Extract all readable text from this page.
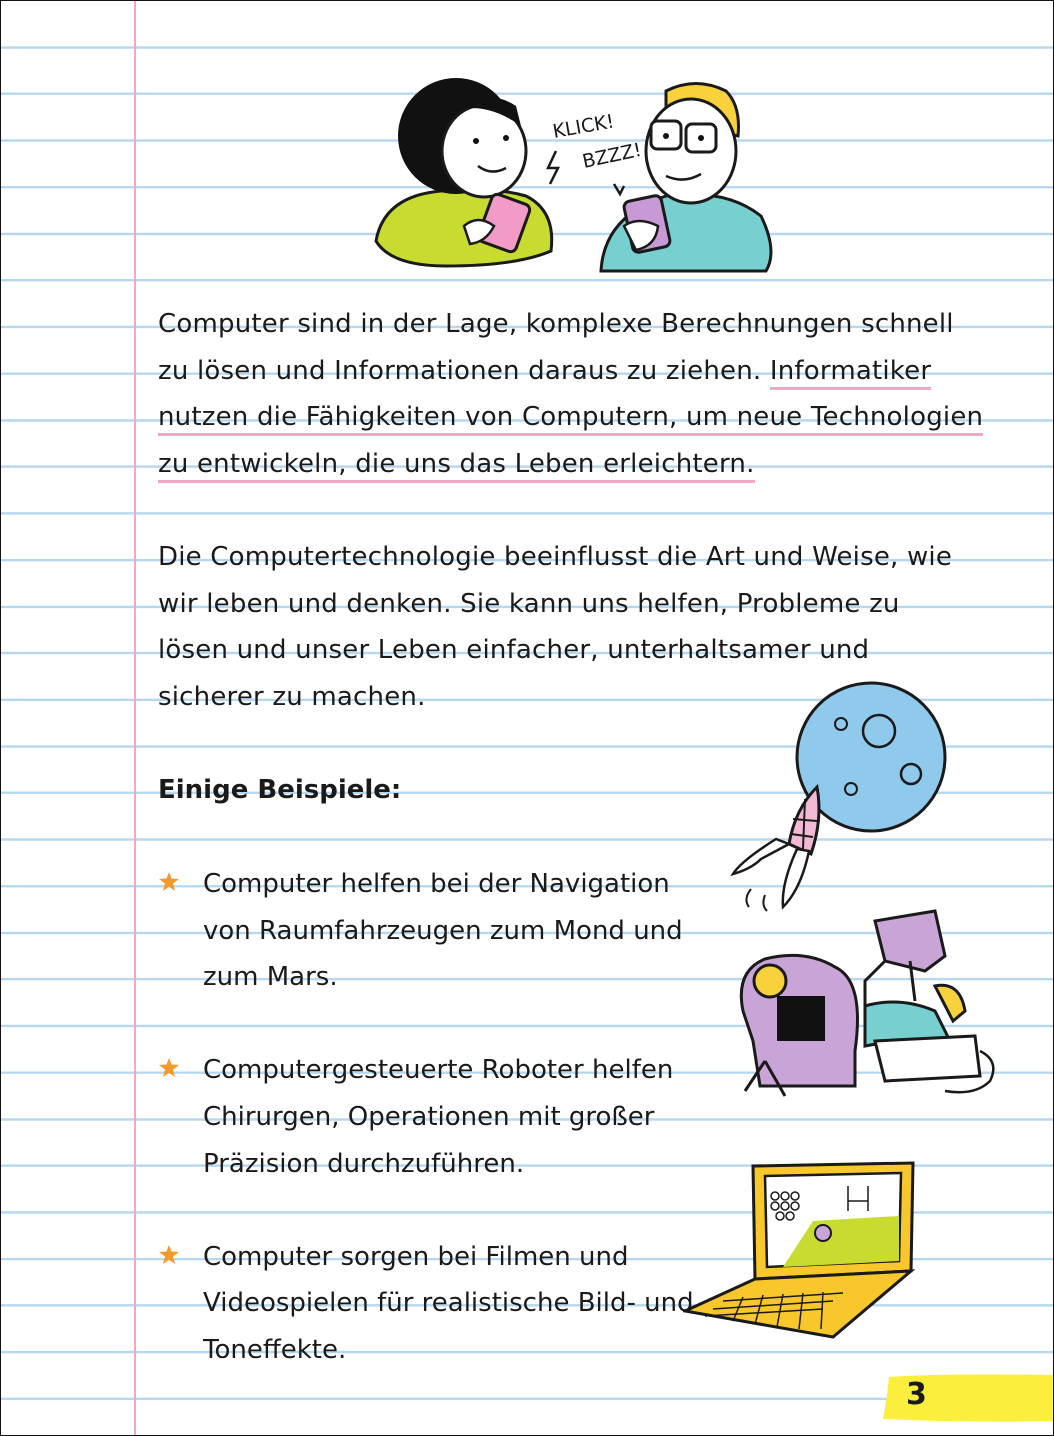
KLICK!
BZZZ!

Computer sind in der Lage, komplexe Berechnungen schnell zu lösen und Informationen daraus zu ziehen. Informatiker
nutzen die Fähigkeiten von Computern, um neue Technologien
zu entwickeln, die uns das Leben erleichtern.

Die Computertechnologie beeinflusst die Art und Weise, wie wir leben und denken. Sie kann uns helfen, Probleme zu lösen und unser Leben einfacher, unterhaltsamer und sicherer zu machen.

Einige Beispiele:
Computer helfen bei der Navigation von Raumfahrzeugen zum Mond und zum Mars.
Computergesteuerte Roboter helfen Chirurgen, Operationen mit großer Präzision durchzuführen.
Computer sorgen bei Filmen und Videospielen für realistische Bild- und Toneffekte.
3
